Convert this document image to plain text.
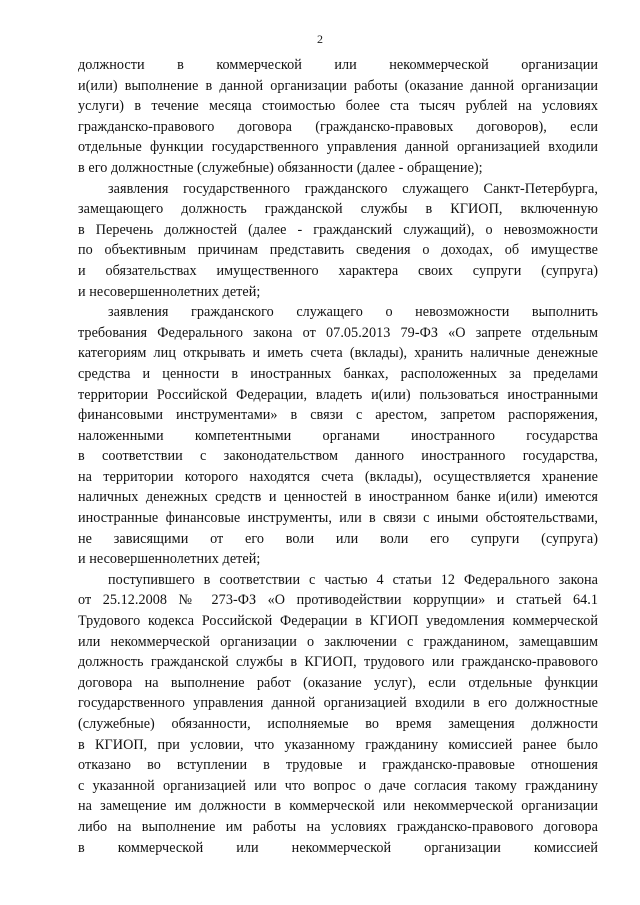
2
должности в коммерческой или некоммерческой организации
и(или) выполнение в данной организации работы (оказание данной организации
услуги) в течение месяца стоимостью более ста тысяч рублей на условиях
гражданско-правового договора (гражданско-правовых договоров), если
отдельные функции государственного управления данной организацией входили
в его должностные (служебные) обязанности (далее - обращение);
заявления государственного гражданского служащего Санкт-Петербурга,
замещающего должность гражданской службы в КГИОП, включенную
в Перечень должностей (далее - гражданский служащий), о невозможности
по объективным причинам представить сведения о доходах, об имуществе
и обязательствах имущественного характера своих супруги (супруга)
и несовершеннолетних детей;
заявления гражданского служащего о невозможности выполнить
требования Федерального закона от 07.05.2013 79-ФЗ «О запрете отдельным
категориям лиц открывать и иметь счета (вклады), хранить наличные денежные
средства и ценности в иностранных банках, расположенных за пределами
территории Российской Федерации, владеть и(или) пользоваться иностранными
финансовыми инструментами» в связи с арестом, запретом распоряжения,
наложенными компетентными органами иностранного государства
в соответствии с законодательством данного иностранного государства,
на территории которого находятся счета (вклады), осуществляется хранение
наличных денежных средств и ценностей в иностранном банке и(или) имеются
иностранные финансовые инструменты, или в связи с иными обстоятельствами,
не зависящими от его воли или воли его супруги (супруга)
и несовершеннолетних детей;
поступившего в соответствии с частью 4 статьи 12 Федерального закона
от 25.12.2008 № 273-ФЗ «О противодействии коррупции» и статьей 64.1
Трудового кодекса Российской Федерации в КГИОП уведомления коммерческой
или некоммерческой организации о заключении с гражданином, замещавшим
должность гражданской службы в КГИОП, трудового или гражданско-правового
договора на выполнение работ (оказание услуг), если отдельные функции
государственного управления данной организацией входили в его должностные
(служебные) обязанности, исполняемые во время замещения должности
в КГИОП, при условии, что указанному гражданину комиссией ранее было
отказано во вступлении в трудовые и гражданско-правовые отношения
с указанной организацией или что вопрос о даче согласия такому гражданину
на замещение им должности в коммерческой или некоммерческой организации
либо на выполнение им работы на условиях гражданско-правового договора
в коммерческой или некоммерческой организации комиссией
